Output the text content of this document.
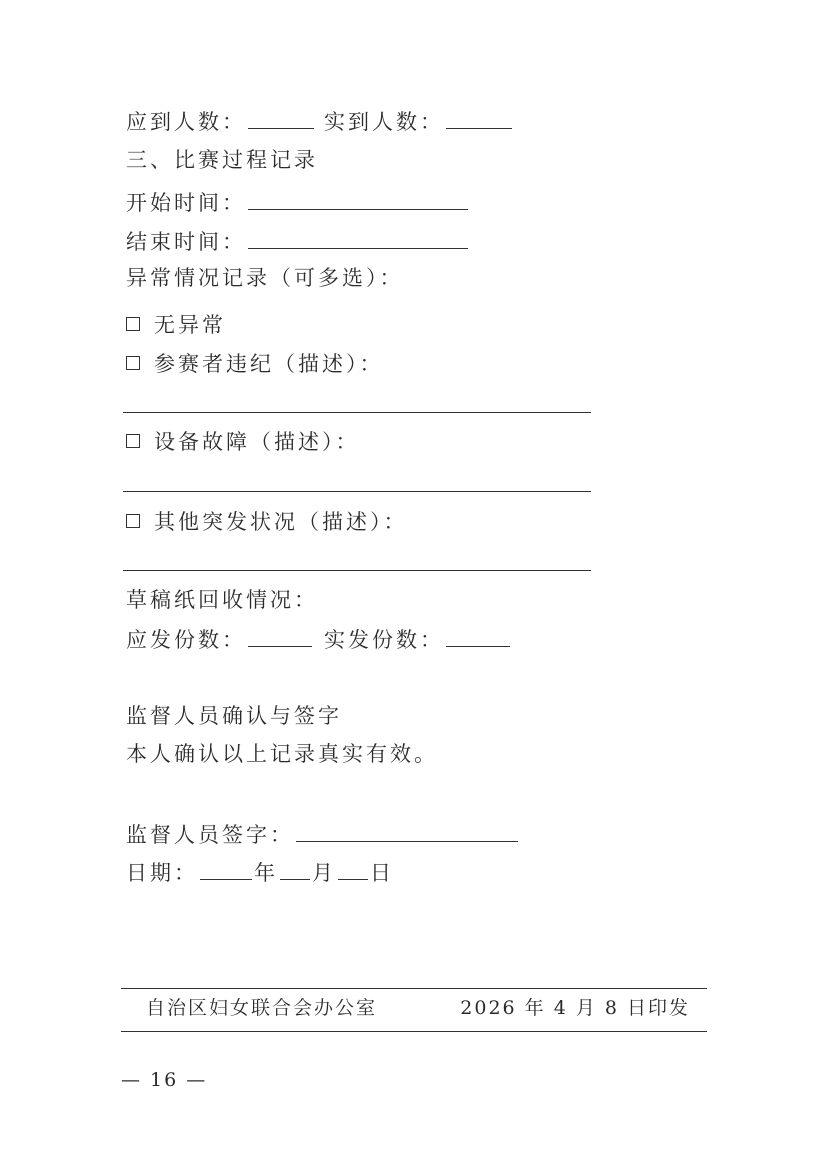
应到人数：	实到人数：
三、比赛过程记录
开始时间：
结束时间：
异常情况记录（可多选）：
无异常
参赛者违纪（描述）：
设备故障（描述）：
其他突发状况（描述）：
草稿纸回收情况：
应发份数：	实发份数：
监督人员确认与签字
本人确认以上记录真实有效。
监督人员签字：
日期：	年 月 日
自治区妇女联合会办公室	2026 年 4 月 8 日印发
— 16 —
